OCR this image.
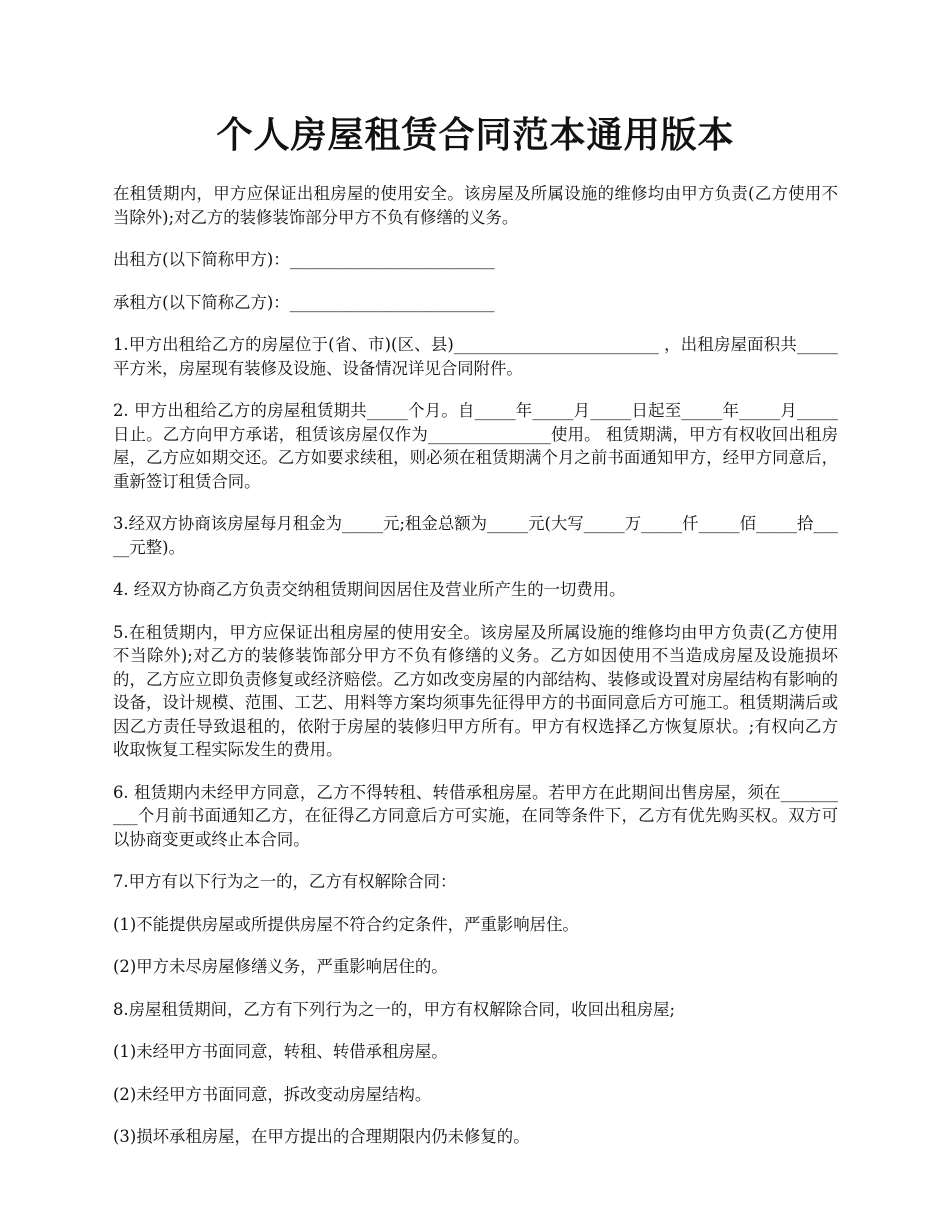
个人房屋租赁合同范本通用版本

在租赁期内，甲方应保证出租房屋的使用安全。该房屋及所属设施的维修均由甲方负责(乙方使用不当除外);对乙方的装修装饰部分甲方不负有修缮的义务。

出租方(以下简称甲方)：_________________________

承租方(以下简称乙方)：_________________________

1.甲方出租给乙方的房屋位于(省、市)(区、县)_________________________ ，出租房屋面积共_____平方米，房屋现有装修及设施、设备情况详见合同附件。

2. 甲方出租给乙方的房屋租赁期共_____个月。自_____年_____月_____日起至_____年_____月_____日止。乙方向甲方承诺，租赁该房屋仅作为_______________使用。 租赁期满，甲方有权收回出租房屋，乙方应如期交还。乙方如要求续租，则必须在租赁期满个月之前书面通知甲方，经甲方同意后，重新签订租赁合同。

3.经双方协商该房屋每月租金为_____元;租金总额为_____元(大写_____万_____仟_____佰_____拾_____元整)。

4. 经双方协商乙方负责交纳租赁期间因居住及营业所产生的一切费用。

5.在租赁期内，甲方应保证出租房屋的使用安全。该房屋及所属设施的维修均由甲方负责(乙方使用不当除外);对乙方的装修装饰部分甲方不负有修缮的义务。乙方如因使用不当造成房屋及设施损坏的，乙方应立即负责修复或经济赔偿。乙方如改变房屋的内部结构、装修或设置对房屋结构有影响的设备，设计规模、范围、工艺、用料等方案均须事先征得甲方的书面同意后方可施工。租赁期满后或因乙方责任导致退租的，依附于房屋的装修归甲方所有。甲方有权选择乙方恢复原状。;有权向乙方收取恢复工程实际发生的费用。

6. 租赁期内未经甲方同意，乙方不得转租、转借承租房屋。若甲方在此期间出售房屋，须在__________个月前书面通知乙方，在征得乙方同意后方可实施，在同等条件下，乙方有优先购买权。双方可以协商变更或终止本合同。

7.甲方有以下行为之一的，乙方有权解除合同：

(1)不能提供房屋或所提供房屋不符合约定条件，严重影响居住。

(2)甲方未尽房屋修缮义务，严重影响居住的。

8.房屋租赁期间，乙方有下列行为之一的，甲方有权解除合同，收回出租房屋;

(1)未经甲方书面同意，转租、转借承租房屋。

(2)未经甲方书面同意，拆改变动房屋结构。

(3)损坏承租房屋，在甲方提出的合理期限内仍未修复的。
